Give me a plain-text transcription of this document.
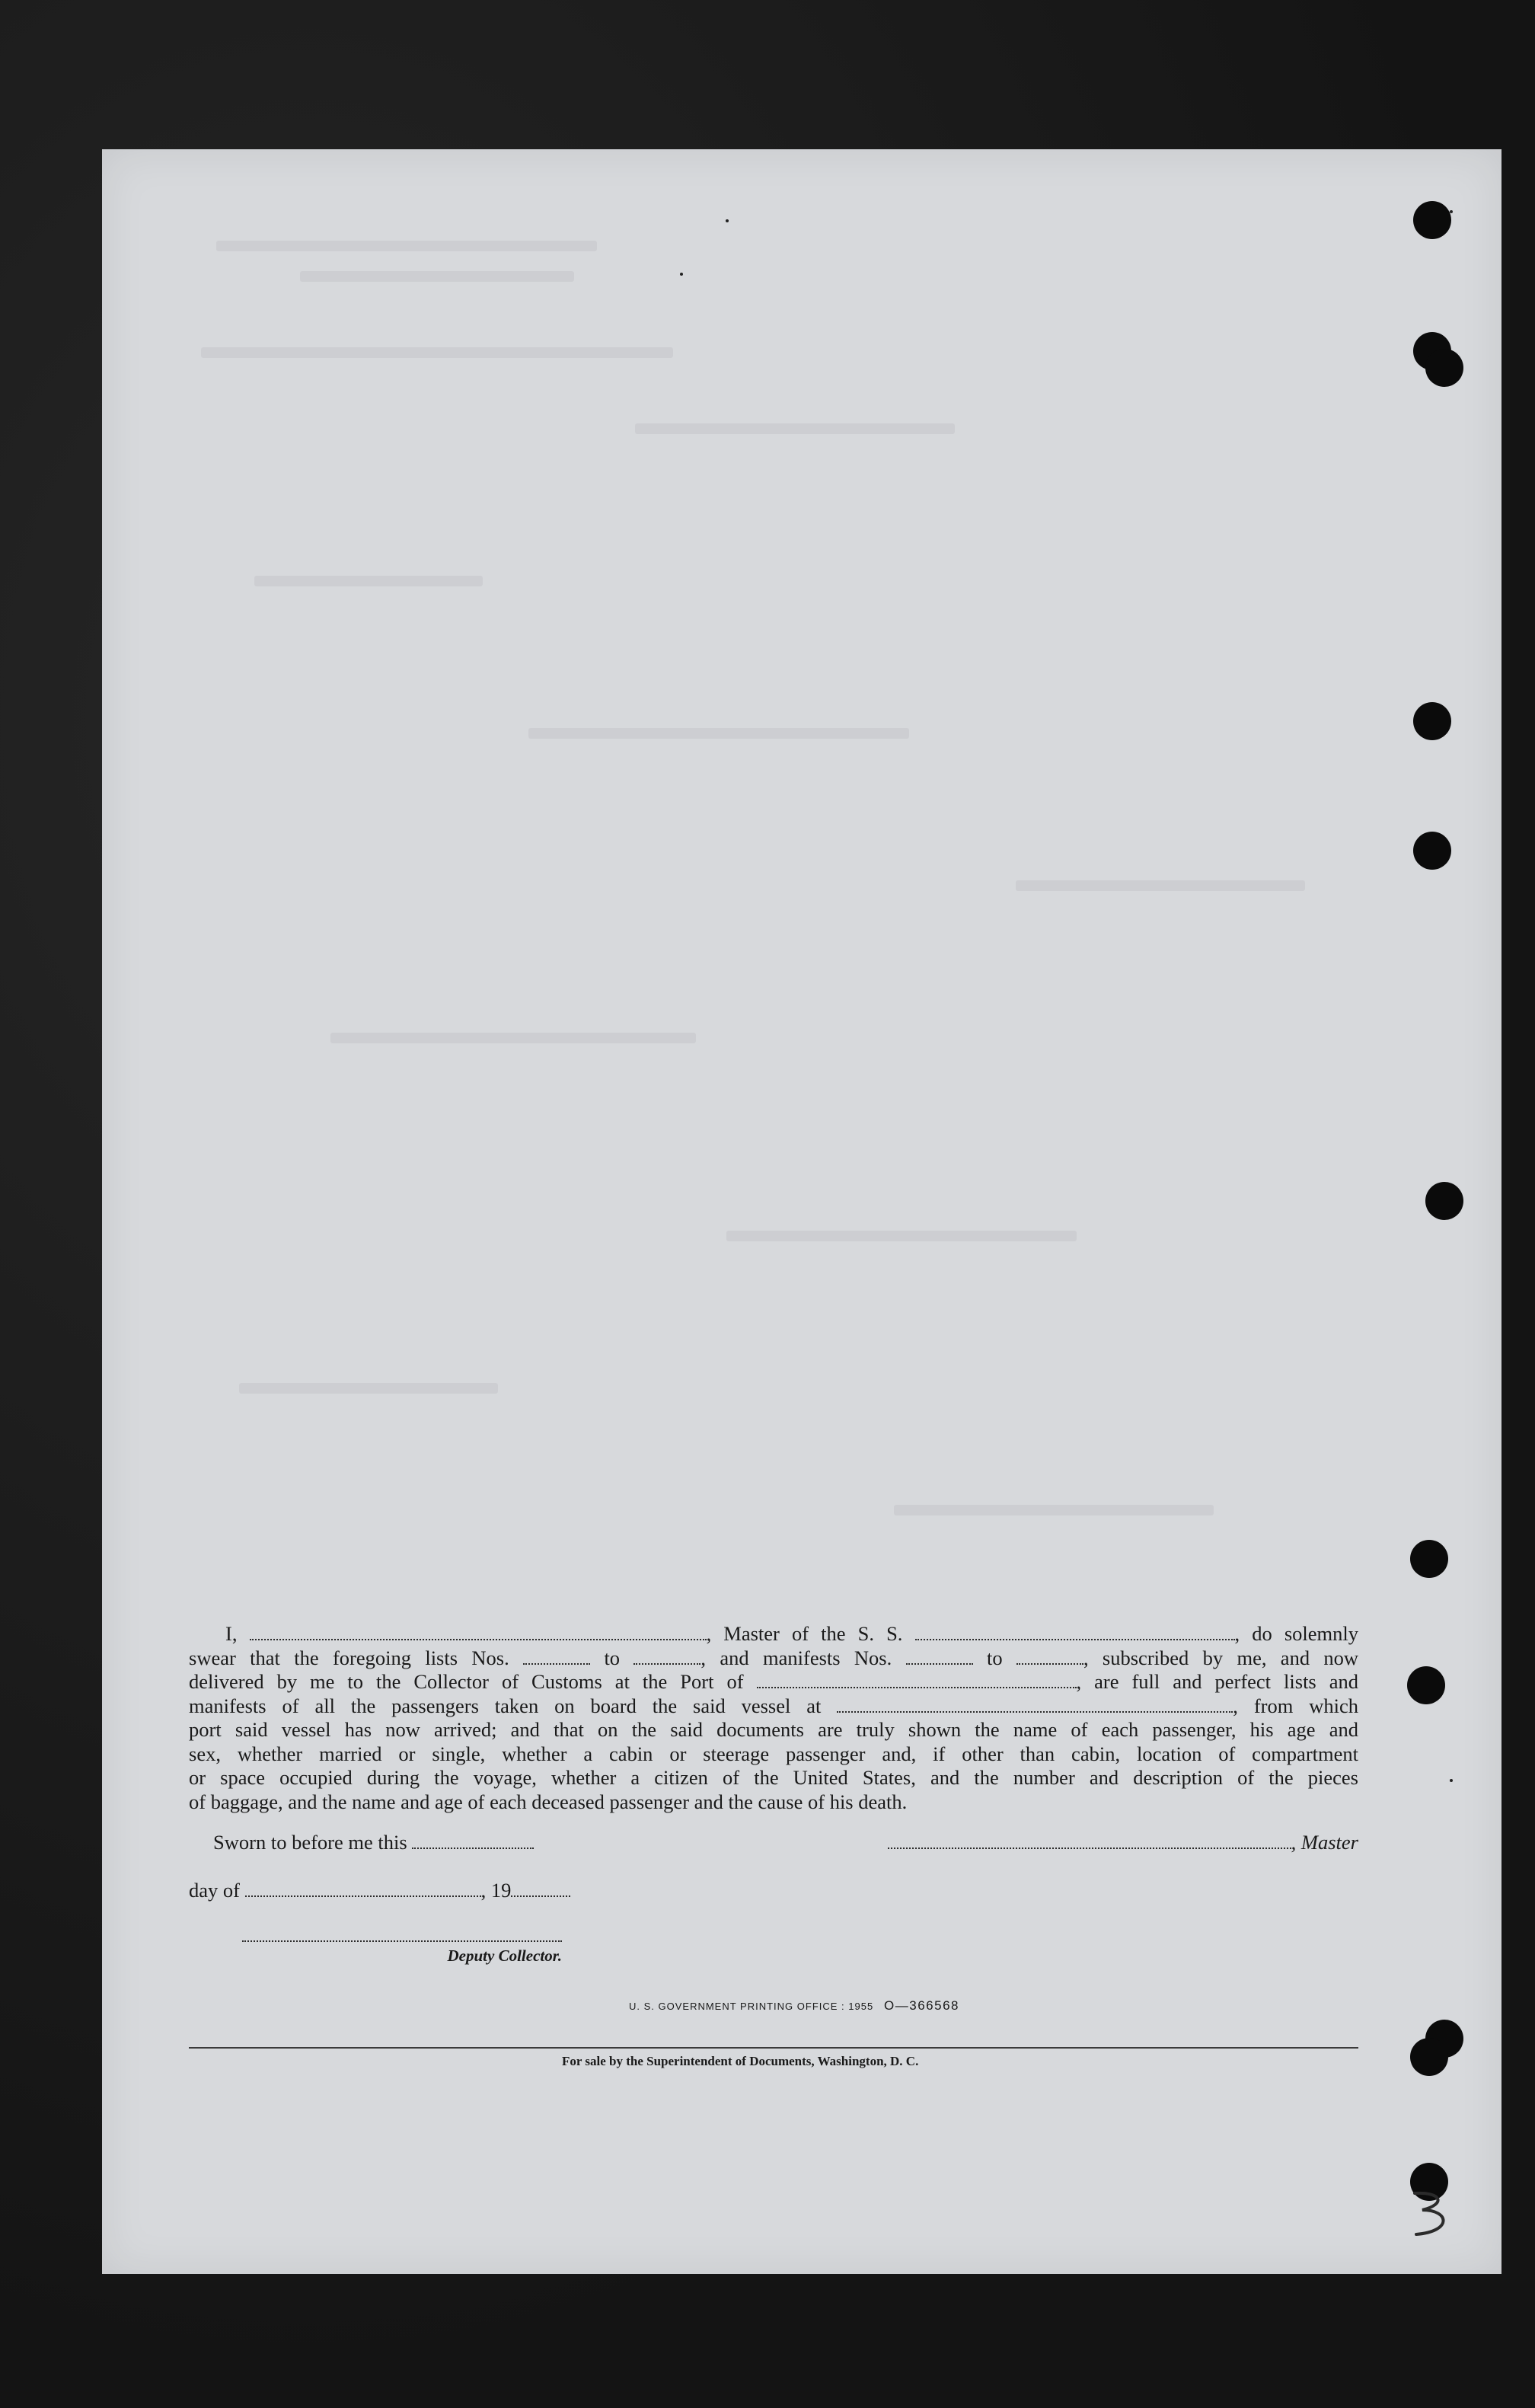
I,	, Master of the S. S.	, do solemnly
swear that the foregoing lists Nos.	to	, and manifests Nos.	to	, subscribed by me, and now
delivered by me to the Collector of Customs at the Port of	, are full and perfect lists and
manifests of all the passengers taken on board the said vessel at	, from which
port said vessel has now arrived; and that on the said documents are truly shown the name of each passenger, his age and
sex, whether married or single, whether a cabin or steerage passenger and, if other than cabin, location of compartment
or space occupied during the voyage, whether a citizen of the United States, and the number and description of the pieces
of baggage, and the name and age of each deceased passenger and the cause of his death.
Sworn to before me this	, Master
day of	, 19
Deputy Collector.
U. S. GOVERNMENT PRINTING OFFICE : 1955 O—366568
For sale by the Superintendent of Documents, Washington, D. C.
